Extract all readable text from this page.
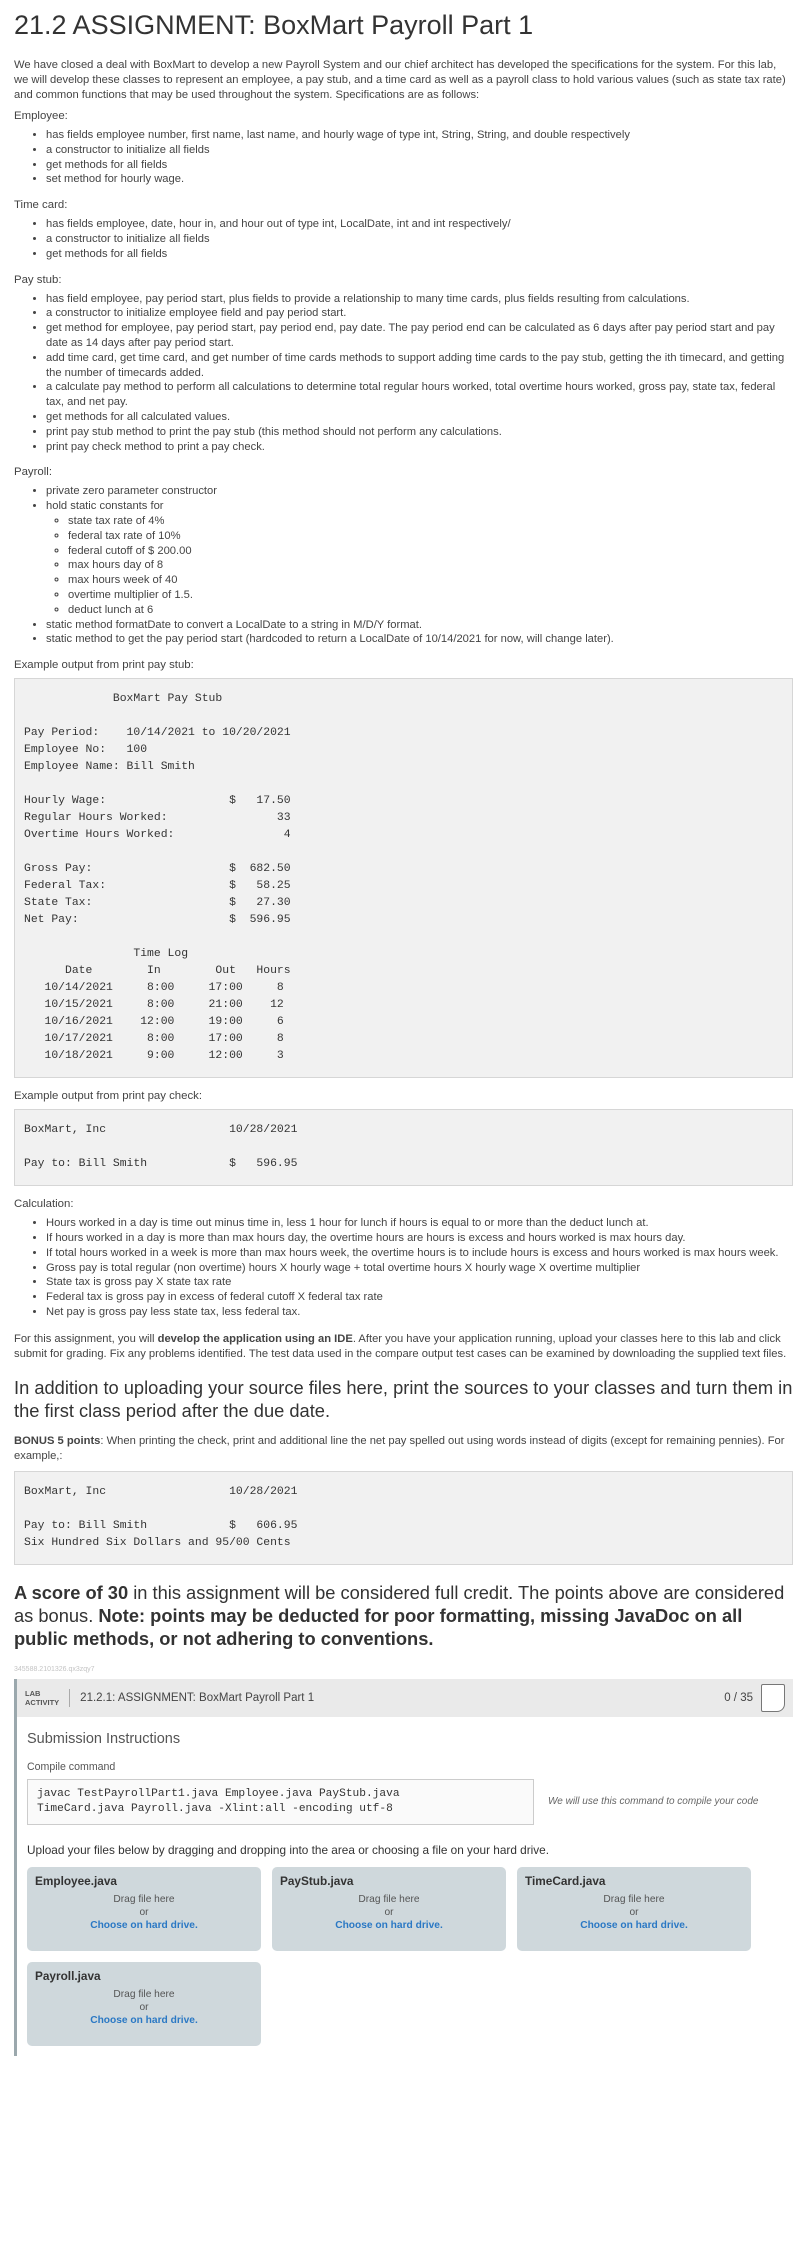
21.2 ASSIGNMENT: BoxMart Payroll Part 1

We have closed a deal with BoxMart to develop a new Payroll System and our chief architect has developed the specifications for the system. For this lab, we will develop these classes to represent an employee, a pay stub, and a time card as well as a payroll class to hold various values (such as state tax rate) and common functions that may be used throughout the system. Specifications are as follows:

Employee:
• has fields employee number, first name, last name, and hourly wage of type int, String, String, and double respectively
• a constructor to initialize all fields
• get methods for all fields
• set method for hourly wage.
Time card:
• has fields employee, date, hour in, and hour out of type int, LocalDate, int and int respectively/
• a constructor to initialize all fields
• get methods for all fields
Pay stub:
• has field employee, pay period start, plus fields to provide a relationship to many time cards, plus fields resulting from calculations.
• a constructor to initialize employee field and pay period start.
• get method for employee, pay period start, pay period end, pay date. The pay period end can be calculated as 6 days after pay period start and pay date as 14 days after pay period start.
• add time card, get time card, and get number of time cards methods to support adding time cards to the pay stub, getting the ith timecard, and getting the number of timecards added.
• a calculate pay method to perform all calculations to determine total regular hours worked, total overtime hours worked, gross pay, state tax, federal tax, and net pay.
• get methods for all calculated values.
• print pay stub method to print the pay stub (this method should not perform any calculations.
• print pay check method to print a pay check.
Payroll:
• private zero parameter constructor
• hold static constants for
◦ state tax rate of 4%
◦ federal tax rate of 10%
◦ federal cutoff of $ 200.00
◦ max hours day of 8
◦ max hours week of 40
◦ overtime multiplier of 1.5.
◦ deduct lunch at 6
• static method formatDate to convert a LocalDate to a string in M/D/Y format.
• static method to get the pay period start (hardcoded to return a LocalDate of 10/14/2021 for now, will change later).
Example output from print pay stub:
BoxMart Pay Stub

Pay Period:    10/14/2021 to 10/20/2021
Employee No:   100
Employee Name: Bill Smith

Hourly Wage:                  $   17.50
Regular Hours Worked:                33
Overtime Hours Worked:                4

Gross Pay:                    $  682.50
Federal Tax:                  $   58.25
State Tax:                    $   27.30
Net Pay:                      $  596.95

Time Log
Date        In        Out   Hours
10/14/2021     8:00     17:00     8
10/15/2021     8:00     21:00    12
10/16/2021    12:00     19:00     6
10/17/2021     8:00     17:00     8
10/18/2021     9:00     12:00     3
Example output from print pay check:
BoxMart, Inc                  10/28/2021

Pay to: Bill Smith            $   596.95
Calculation:
• Hours worked in a day is time out minus time in, less 1 hour for lunch if hours is equal to or more than the deduct lunch at.
• If hours worked in a day is more than max hours day, the overtime hours are hours is excess and hours worked is max hours day.
• If total hours worked in a week is more than max hours week, the overtime hours is to include hours is excess and hours worked is max hours week.
• Gross pay is total regular (non overtime) hours X hourly wage + total overtime hours X hourly wage X overtime multiplier
• State tax is gross pay X state tax rate
• Federal tax is gross pay in excess of federal cutoff X federal tax rate
• Net pay is gross pay less state tax, less federal tax.

For this assignment, you will develop the application using an IDE. After you have your application running, upload your classes here to this lab and click submit for grading. Fix any problems identified. The test data used in the compare output test cases can be examined by downloading the supplied text files.

In addition to uploading your source files here, print the sources to your classes and turn them in the first class period after the due date.

BONUS 5 points: When printing the check, print and additional line the net pay spelled out using words instead of digits (except for remaining pennies). For example,:

BoxMart, Inc                  10/28/2021

Pay to: Bill Smith            $   606.95
Six Hundred Six Dollars and 95/00 Cents
A score of 30 in this assignment will be considered full credit. The points above are considered as bonus. Note: points may be deducted for poor formatting, missing JavaDoc on all public methods, or not adhering to conventions.
345588.2101326.qx3zqy7
LAB
ACTIVITY 21.2.1: ASSIGNMENT: BoxMart Payroll Part 1	0 / 35
Submission Instructions
Compile command
javac TestPayrollPart1.java Employee.java PayStub.java
TimeCard.java Payroll.java -Xlint:all -encoding utf-8
We will use this command to compile your code
Upload your files below by dragging and dropping into the area or choosing a file on your hard drive.
Employee.java
Drag file here
or
Choose on hard drive.
PayStub.java
Drag file here
or
Choose on hard drive.
TimeCard.java
Drag file here
or
Choose on hard drive.
Payroll.java
Drag file here
or
Choose on hard drive.
